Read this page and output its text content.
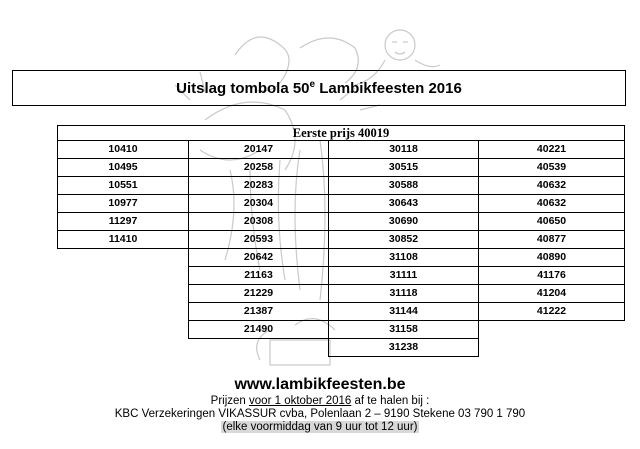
Uitslag tombola 50e Lambikfeesten 2016
Eerste prijs 40019
10410
10495
10551
10977
11297
11410
20147
20258
20283
20304
20308
20593
20642
21163
21229
21387
21490
30118
30515
30588
30643
30690
30852
31108
31111
31118
31144
31158
31238
40221
40539
40632
40632
40650
40877
40890
41176
41204
41222
www.lambikfeesten.be
Prijzen voor 1 oktober 2016 af te halen bij :
KBC Verzekeringen VIKASSUR cvba, Polenlaan 2 – 9190 Stekene 03 790 1 790
(elke voormiddag van 9 uur tot 12 uur)
